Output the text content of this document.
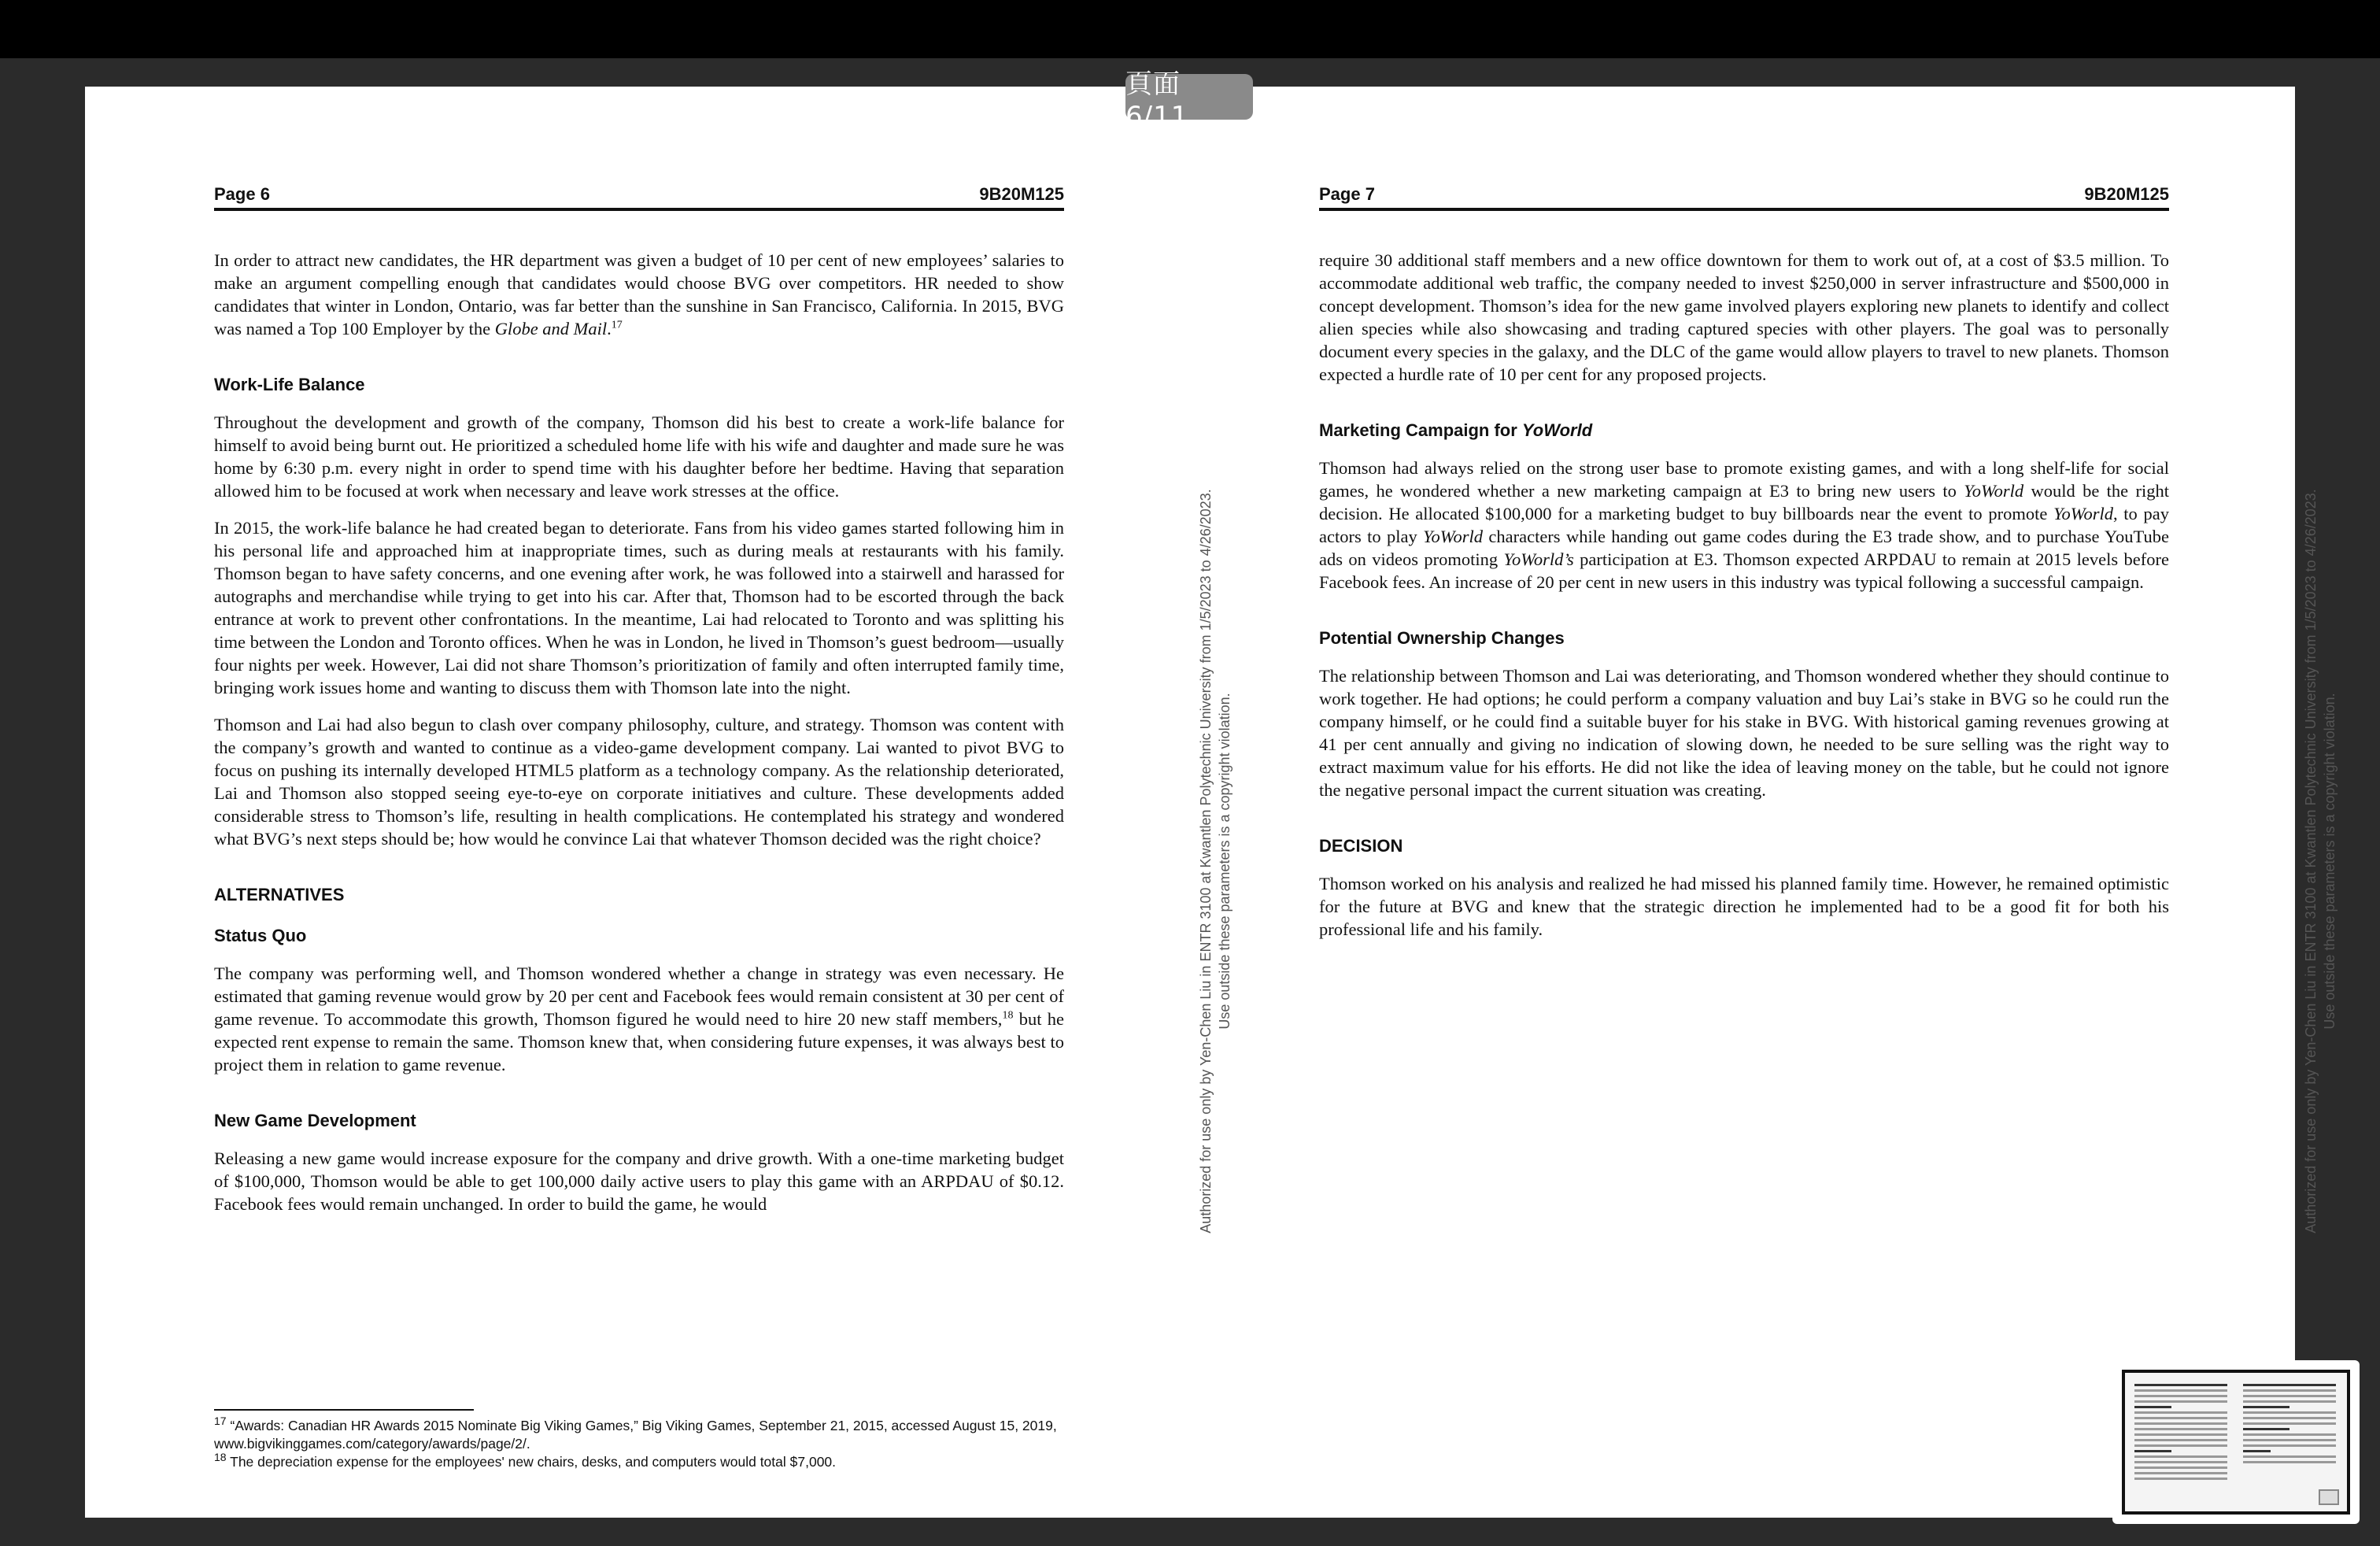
Page 6	9B20M125

In order to attract new candidates, the HR department was given a budget of 10 per cent of new employees’ salaries to make an argument compelling enough that candidates would choose BVG over competitors. HR needed to show candidates that winter in London, Ontario, was far better than the sunshine in San Francisco, California. In 2015, BVG was named a Top 100 Employer by the Globe and Mail.$^{17}$

Work-Life Balance

Throughout the development and growth of the company, Thomson did his best to create a work-life balance for himself to avoid being burnt out. He prioritized a scheduled home life with his wife and daughter and made sure he was home by 6:30 p.m. every night in order to spend time with his daughter before her bedtime. Having that separation allowed him to be focused at work when necessary and leave work stresses at the office.

In 2015, the work-life balance he had created began to deteriorate. Fans from his video games started following him in his personal life and approached him at inappropriate times, such as during meals at restaurants with his family. Thomson began to have safety concerns, and one evening after work, he was followed into a stairwell and harassed for autographs and merchandise while trying to get into his car. After that, Thomson had to be escorted through the back entrance at work to prevent other confrontations. In the meantime, Lai had relocated to Toronto and was splitting his time between the London and Toronto offices. When he was in London, he lived in Thomson’s guest bedroom—usually four nights per week. However, Lai did not share Thomson’s prioritization of family and often interrupted family time, bringing work issues home and wanting to discuss them with Thomson late into the night.

Thomson and Lai had also begun to clash over company philosophy, culture, and strategy. Thomson was content with the company’s growth and wanted to continue as a video-game development company. Lai wanted to pivot BVG to focus on pushing its internally developed HTML5 platform as a technology company. As the relationship deteriorated, Lai and Thomson also stopped seeing eye-to-eye on corporate initiatives and culture. These developments added considerable stress to Thomson’s life, resulting in health complications. He contemplated his strategy and wondered what BVG’s next steps should be; how would he convince Lai that whatever Thomson decided was the right choice?

ALTERNATIVES
Status Quo

The company was performing well, and Thomson wondered whether a change in strategy was even necessary. He estimated that gaming revenue would grow by 20 per cent and Facebook fees would remain consistent at 30 per cent of game revenue. To accommodate this growth, Thomson figured he would need to hire 20 new staff members,$^{18}$ but he expected rent expense to remain the same. Thomson knew that, when considering future expenses, it was always best to project them in relation to game revenue.

New Game Development

Releasing a new game would increase exposure for the company and drive growth. With a one-time marketing budget of $100,000, Thomson would be able to get 100,000 daily active users to play this game with an ARPDAU of $0.12. Facebook fees would remain unchanged. In order to build the game, he would

$^{17}$ “Awards: Canadian HR Awards 2015 Nominate Big Viking Games,” Big Viking Games, September 21, 2015, accessed August 15, 2019, www.bigvikinggames.com/category/awards/page/2/.

$^{18}$ The depreciation expense for the employees' new chairs, desks, and computers would total $7,000.

Authorized for use only by Yen-Chen Liu in ENTR 3100 at Kwantlen Polytechnic University from 1/5/2023 to 4/26/2023. Use outside these parameters is a copyright violation.
Page 7	9B20M125

require 30 additional staff members and a new office downtown for them to work out of, at a cost of $3.5 million. To accommodate additional web traffic, the company needed to invest $250,000 in server infrastructure and $500,000 in concept development. Thomson’s idea for the new game involved players exploring new planets to identify and collect alien species while also showcasing and trading captured species with other players. The goal was to personally document every species in the galaxy, and the DLC of the game would allow players to travel to new planets. Thomson expected a hurdle rate of 10 per cent for any proposed projects.

Marketing Campaign for YoWorld

Thomson had always relied on the strong user base to promote existing games, and with a long shelf-life for social games, he wondered whether a new marketing campaign at E3 to bring new users to YoWorld would be the right decision. He allocated $100,000 for a marketing budget to buy billboards near the event to promote YoWorld, to pay actors to play YoWorld characters while handing out game codes during the E3 trade show, and to purchase YouTube ads on videos promoting YoWorld’s participation at E3. Thomson expected ARPDAU to remain at 2015 levels before Facebook fees. An increase of 20 per cent in new users in this industry was typical following a successful campaign.

Potential Ownership Changes

The relationship between Thomson and Lai was deteriorating, and Thomson wondered whether they should continue to work together. He had options; he could perform a company valuation and buy Lai’s stake in BVG so he could run the company himself, or he could find a suitable buyer for his stake in BVG. With historical gaming revenues growing at 41 per cent annually and giving no indication of slowing down, he needed to be sure selling was the right way to extract maximum value for his efforts. He did not like the idea of leaving money on the table, but he could not ignore the negative personal impact the current situation was creating.

DECISION

Thomson worked on his analysis and realized he had missed his planned family time. However, he remained optimistic for the future at BVG and knew that the strategic direction he implemented had to be a good fit for both his professional life and his family.	Authorized for use only by Yen-Chen Liu in ENTR 3100 at Kwantlen Polytechnic University from 1/5/2023 to 4/26/2023. Use outside these parameters is a copyright violation.
頁面 6/11
